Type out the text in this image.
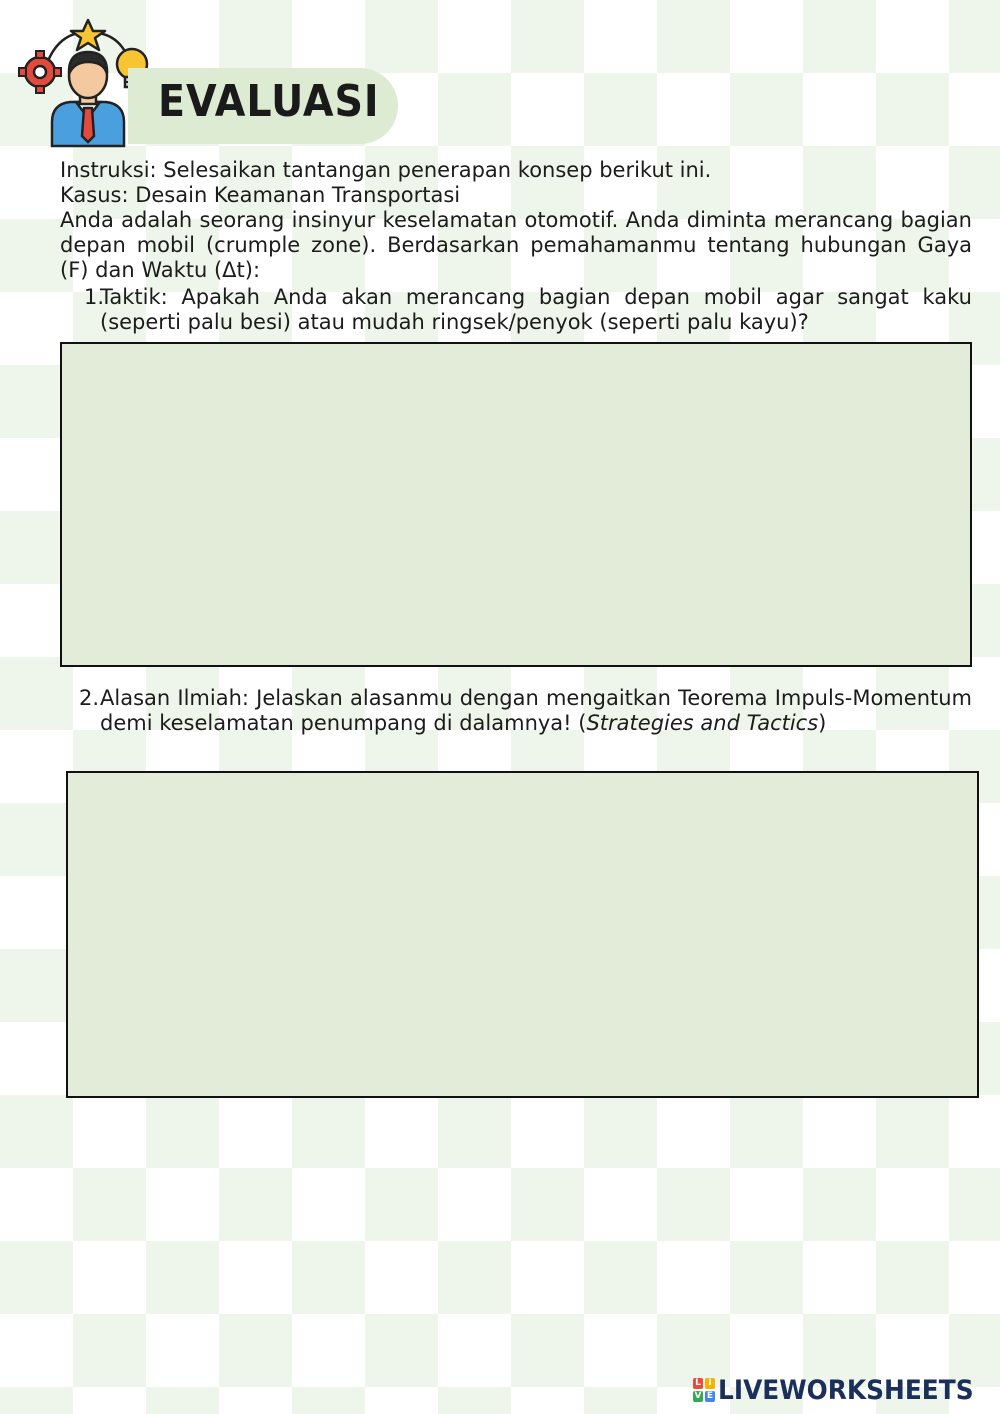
EVALUASI

Instruksi: Selesaikan tantangan penerapan konsep berikut ini.

Kasus: Desain Keamanan Transportasi

Anda adalah seorang insinyur keselamatan otomotif. Anda diminta merancang bagian depan mobil (crumple zone). Berdasarkan pemahamanmu tentang hubungan Gaya (F) dan Waktu (Δt):

1.

Taktik: Apakah Anda akan merancang bagian depan mobil agar sangat kaku (seperti palu besi) atau mudah ringsek/penyok (seperti palu kayu)?

2. Alasan Ilmiah: Jelaskan alasanmu dengan mengaitkan Teorema Impuls-Momentum demi keselamatan penumpang di dalamnya! (Strategies and Tactics)

L I
V E LIVEWORKSHEETS
